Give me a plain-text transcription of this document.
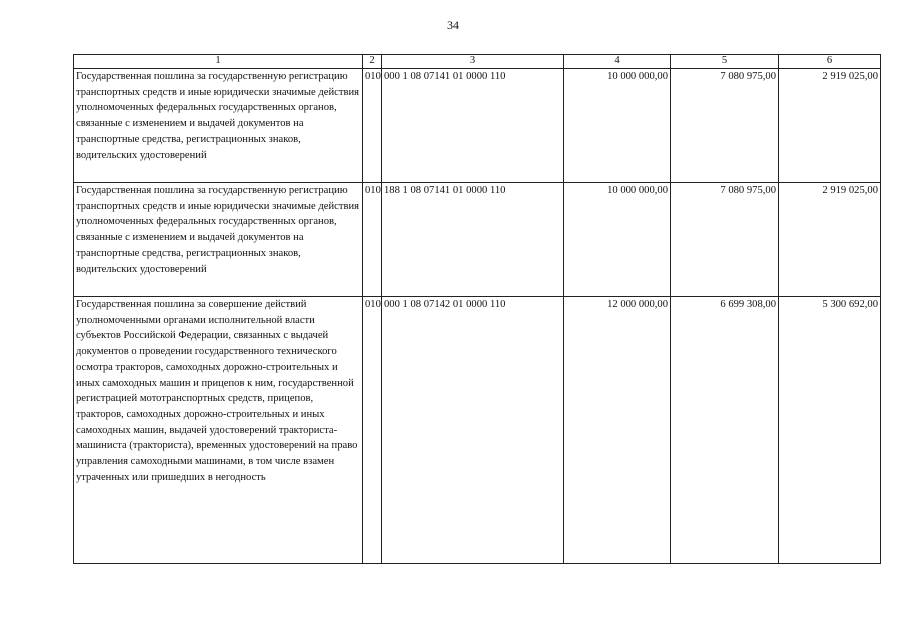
34
1	2	3	4	5	6
Государственная пошлина за государственную регистрацию транспортных средств и иные юридически значимые действия уполномоченных федеральных государственных органов, связанные с изменением и выдачей документов на транспортные средства, регистрационных знаков, водительских удостоверений	010	000 1 08 07141 01 0000 110	10 000 000,00	7 080 975,00	2 919 025,00
Государственная пошлина за государственную регистрацию транспортных средств и иные юридически значимые действия уполномоченных федеральных государственных органов, связанные с изменением и выдачей документов на транспортные средства, регистрационных знаков, водительских удостоверений	010	188 1 08 07141 01 0000 110	10 000 000,00	7 080 975,00	2 919 025,00
Государственная пошлина за совершение действий уполномоченными органами исполнительной власти субъектов Российской Федерации, связанных с выдачей документов о проведении государственного технического осмотра тракторов, самоходных дорожно-строительных и иных самоходных машин и прицепов к ним, государственной регистрацией мототранспортных средств, прицепов, тракторов, самоходных дорожно-строительных и иных самоходных машин, выдачей удостоверений тракториста-машиниста (тракториста), временных удостоверений на право управления самоходными машинами, в том числе взамен утраченных или пришедших в негодность	010	000 1 08 07142 01 0000 110	12 000 000,00	6 699 308,00	5 300 692,00
